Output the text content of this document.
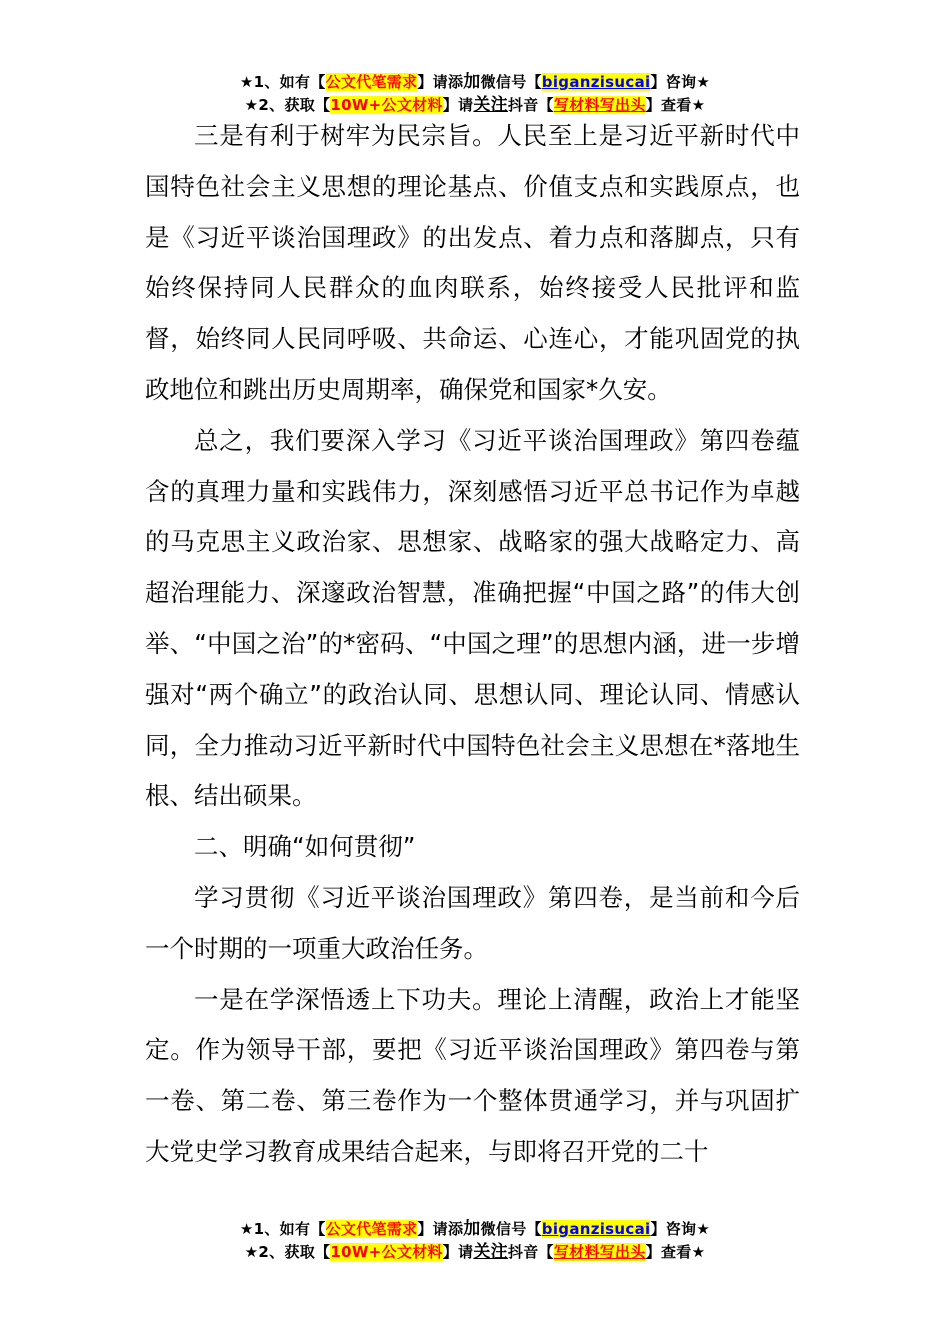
★1、如有【公文代笔需求】请添加微信号【biganzisucai】咨询★
★2、获取【10W+公文材料】请关注抖音【写材料写出头】查看★

三是有利于树牢为民宗旨。人民至上是习近平新时代中国特色社会主义思想的理论基点、价值支点和实践原点，也是《习近平谈治国理政》的出发点、着力点和落脚点，只有始终保持同人民群众的血肉联系，始终接受人民批评和监督，始终同人民同呼吸、共命运、心连心，才能巩固党的执政地位和跳出历史周期率，确保党和国家*久安。

总之，我们要深入学习《习近平谈治国理政》第四卷蕴含的真理力量和实践伟力，深刻感悟习近平总书记作为卓越的马克思主义政治家、思想家、战略家的强大战略定力、高超治理能力、深邃政治智慧，准确把握“中国之路”的伟大创举、“中国之治”的*密码、“中国之理”的思想内涵，进一步增强对“两个确立”的政治认同、思想认同、理论认同、情感认同，全力推动习近平新时代中国特色社会主义思想在*落地生根、结出硕果。

二、明确“如何贯彻”

学习贯彻《习近平谈治国理政》第四卷，是当前和今后一个时期的一项重大政治任务。

一是在学深悟透上下功夫。理论上清醒，政治上才能坚定。作为领导干部，要把《习近平谈治国理政》第四卷与第一卷、第二卷、第三卷作为一个整体贯通学习，并与巩固扩大党史学习教育成果结合起来，与即将召开党的二十

★1、如有【公文代笔需求】请添加微信号【biganzisucai】咨询★
★2、获取【10W+公文材料】请关注抖音【写材料写出头】查看★
